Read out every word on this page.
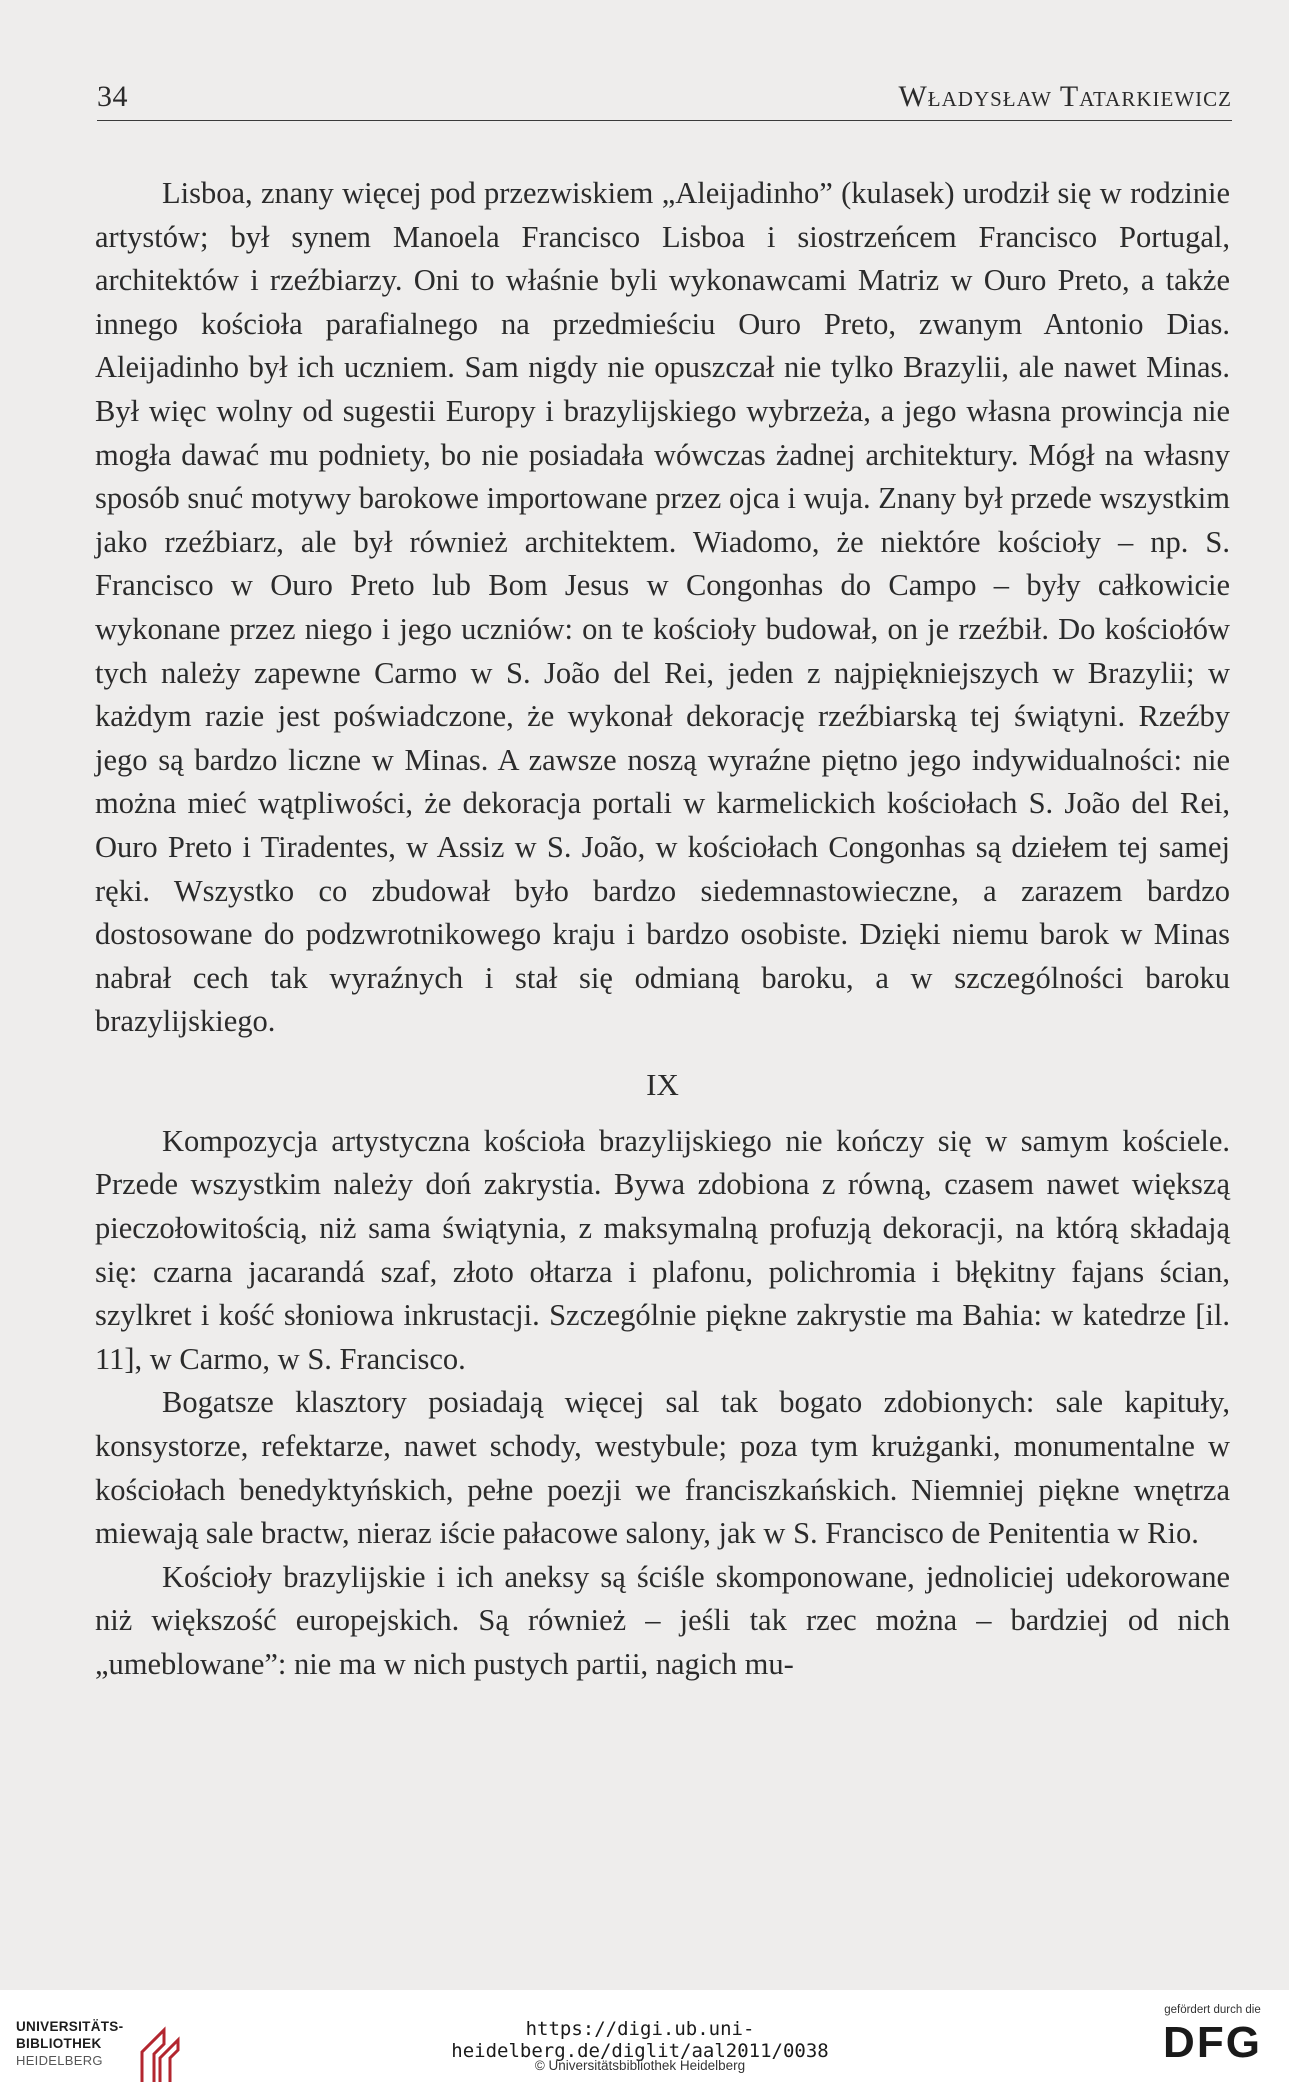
34	Władysław Tatarkiewicz

Lisboa, znany więcej pod przezwiskiem „Aleijadinho” (kulasek) urodził się w rodzinie artystów; był synem Manoela Francisco Lisboa i siostrzeńcem Francisco Portugal, architektów i rzeźbiarzy. Oni to właśnie byli wykonawcami Matriz w Ouro Preto, a także innego kościoła parafialnego na przedmieściu Ouro Preto, zwanym Antonio Dias. Aleijadinho był ich uczniem. Sam nigdy nie opuszczał nie tylko Brazylii, ale nawet Minas. Był więc wolny od sugestii Europy i brazylijskiego wybrzeża, a jego własna prowincja nie mogła dawać mu podniety, bo nie posiadała wówczas żadnej architektury. Mógł na własny sposób snuć motywy barokowe importowane przez ojca i wuja. Znany był przede wszystkim jako rzeźbiarz, ale był również architektem. Wiadomo, że niektóre kościoły – np. S. Francisco w Ouro Preto lub Bom Jesus w Congonhas do Campo – były całkowicie wykonane przez niego i jego uczniów: on te kościoły budował, on je rzeźbił. Do kościołów tych należy zapewne Carmo w S. João del Rei, jeden z najpiękniejszych w Brazylii; w każdym razie jest poświadczone, że wykonał dekorację rzeźbiarską tej świątyni. Rzeźby jego są bardzo liczne w Minas. A zawsze noszą wyraźne piętno jego indywidualności: nie można mieć wątpliwości, że dekoracja portali w karmelickich kościołach S. João del Rei, Ouro Preto i Tiradentes, w Assiz w S. João, w kościołach Congonhas są dziełem tej samej ręki. Wszystko co zbudował było bardzo siedemnastowieczne, a zarazem bardzo dostosowane do podzwrotnikowego kraju i bardzo osobiste. Dzięki niemu barok w Minas nabrał cech tak wyraźnych i stał się odmianą baroku, a w szczególności baroku brazylijskiego.

IX

Kompozycja artystyczna kościoła brazylijskiego nie kończy się w samym kościele. Przede wszystkim należy doń zakrystia. Bywa zdobiona z równą, czasem nawet większą pieczołowitością, niż sama świątynia, z maksymalną profuzją dekoracji, na którą składają się: czarna jacarandá szaf, złoto ołtarza i plafonu, polichromia i błękitny fajans ścian, szylkret i kość słoniowa inkrustacji. Szczególnie piękne zakrystie ma Bahia: w katedrze [il. 11], w Carmo, w S. Francisco.

Bogatsze klasztory posiadają więcej sal tak bogato zdobionych: sale kapituły, konsystorze, refektarze, nawet schody, westybule; poza tym krużganki, monumentalne w kościołach benedyktyńskich, pełne poezji we franciszkańskich. Niemniej piękne wnętrza miewają sale bractw, nieraz iście pałacowe salony, jak w S. Francisco de Penitentia w Rio.

Kościoły brazylijskie i ich aneksy są ściśle skomponowane, jednoliciej udekorowane niż większość europejskich. Są również – jeśli tak rzec można – bardziej od nich „umeblowane”: nie ma w nich pustych partii, nagich mu-

UNIVERSITÄTS-
BIBLIOTHEK
HEIDELBERG
https://digi.ub.uni-heidelberg.de/diglit/aal2011/0038
© Universitätsbibliothek Heidelberg
gefördert durch die
DFG
